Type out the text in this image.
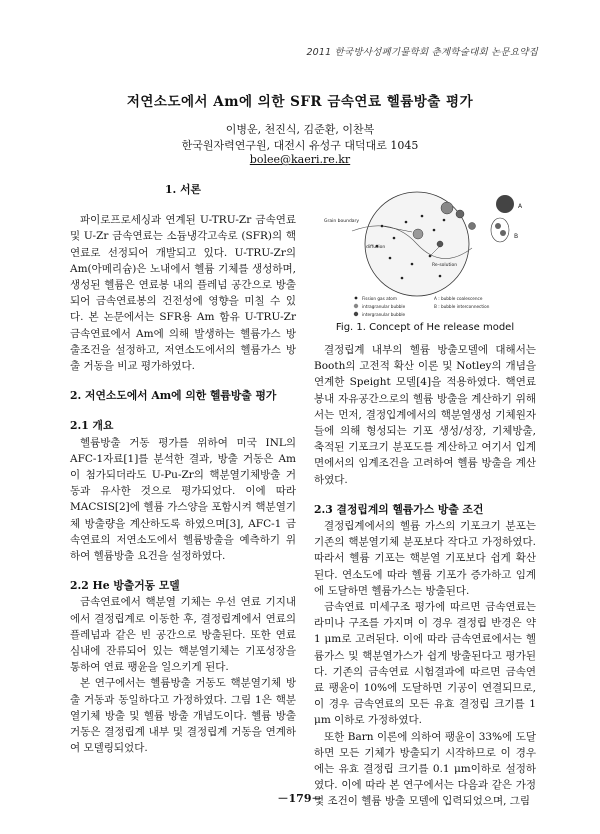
2011 한국방사성폐기물학회 춘계학술대회 논문요약집
저연소도에서 Am에 의한 SFR 금속연료 헬륨방출 평가
이병운, 천진식, 김준환, 이찬복
한국원자력연구원, 대전시 유성구 대덕대로 1045
bolee@kaeri.re.kr

1. 서론

파이로프로세싱과 연계된 U-TRU-Zr 금속연료 및 U-Zr 금속연료는 소듐냉각고속로 (SFR)의 핵연료로 선정되어 개발되고 있다. U-TRU-Zr의 Am(아메리슘)은 노내에서 헬륨 기체를 생성하며, 생성된 헬륨은 연료봉 내의 플레넘 공간으로 방출되어 금속연료봉의 건전성에 영향을 미칠 수 있다. 본 논문에서는 SFR용 Am 함유 U-TRU-Zr 금속연료에서 Am에 의해 발생하는 헬륨가스 방출조건을 설정하고, 저연소도에서의 헬륨가스 방출 거동을 비교 평가하였다.

2. 저연소도에서 Am에 의한 헬륨방출 평가

2.1 개요

헬륨방출 거동 평가를 위하여 미국 INL의 AFC-1자료[1]를 분석한 결과, 방출 거동은 Am이 첨가되더라도 U-Pu-Zr의 핵분열기체방출 거동과 유사한 것으로 평가되었다. 이에 따라 MACSIS[2]에 헬륨 가스양을 포함시켜 핵분열기체 방출량을 계산하도록 하였으며[3], AFC-1 금속연료의 저연소도에서 헬륨방출을 예측하기 위하여 헬륨방출 요건을 설정하였다.

2.2 He 방출거동 모델

금속연료에서 핵분열 기체는 우선 연료 기지내에서 결정립계로 이동한 후, 결정립계에서 연료의 플레넘과 같은 빈 공간으로 방출된다. 또한 연료 심내에 잔류되어 있는 핵분열기체는 기포성장을 통하여 연료 팽윤을 일으키게 된다.

본 연구에서는 헬륨방출 거동도 핵분열기체 방출 거동과 동일하다고 가정하였다. 그림 1은 핵분열기체 방출 및 헬륨 방출 개념도이다. 헬륨 방출 거동은 결정립계 내부 및 결정립계 거동을 연계하여 모델링되었다.

Grain boundary
diffusion
Re-solution
A
B
Fission gas atom
intragranular bubble
intergranular bubble
A : bubble coalescence
B : bubble interconnection
Fig. 1. Concept of He release model

결정립계 내부의 헬륨 방출모델에 대해서는 Booth의 고전적 확산 이론 및 Notley의 개념을 연계한 Speight 모델[4]을 적용하였다. 핵연료봉내 자유공간으로의 헬륨 방출을 계산하기 위해서는 먼저, 결정입계에서의 핵분열생성 기체원자들에 의해 형성되는 기포 생성/성장, 기체방출, 축적된 기포크기 분포도를 계산하고 여기서 입계면에서의 임계조건을 고려하여 헬륨 방출을 계산하였다.

2.3 결정립계의 헬륨가스 방출 조건

결정립계에서의 헬륨 가스의 기포크기 분포는 기존의 핵분열기체 분포보다 작다고 가정하였다. 따라서 헬륨 기포는 핵분열 기포보다 쉽게 확산된다. 연소도에 따라 헬륨 기포가 증가하고 임계에 도달하면 헬륨가스는 방출된다.

금속연료 미세구조 평가에 따르면 금속연료는 라미나 구조를 가지며 이 경우 결정립 반경은 약 1 μm로 고려된다. 이에 따라 금속연료에서는 헬륨가스 및 핵분열가스가 쉽게 방출된다고 평가된다. 기존의 금속연료 시험결과에 따르면 금속연료 팽윤이 10%에 도달하면 기공이 연결되므로, 이 경우 금속연료의 모든 유효 결정립 크기를 1 μm 이하로 가정하였다.

또한 Barn 이론에 의하여 팽윤이 33%에 도달하면 모든 기체가 방출되기 시작하므로 이 경우에는 유효 결정립 크기를 0.1 μm이하로 설정하였다. 이에 따라 본 연구에서는 다음과 같은 가정 및 조건이 헬륨 방출 모델에 입력되었으며, 그림

－179－
